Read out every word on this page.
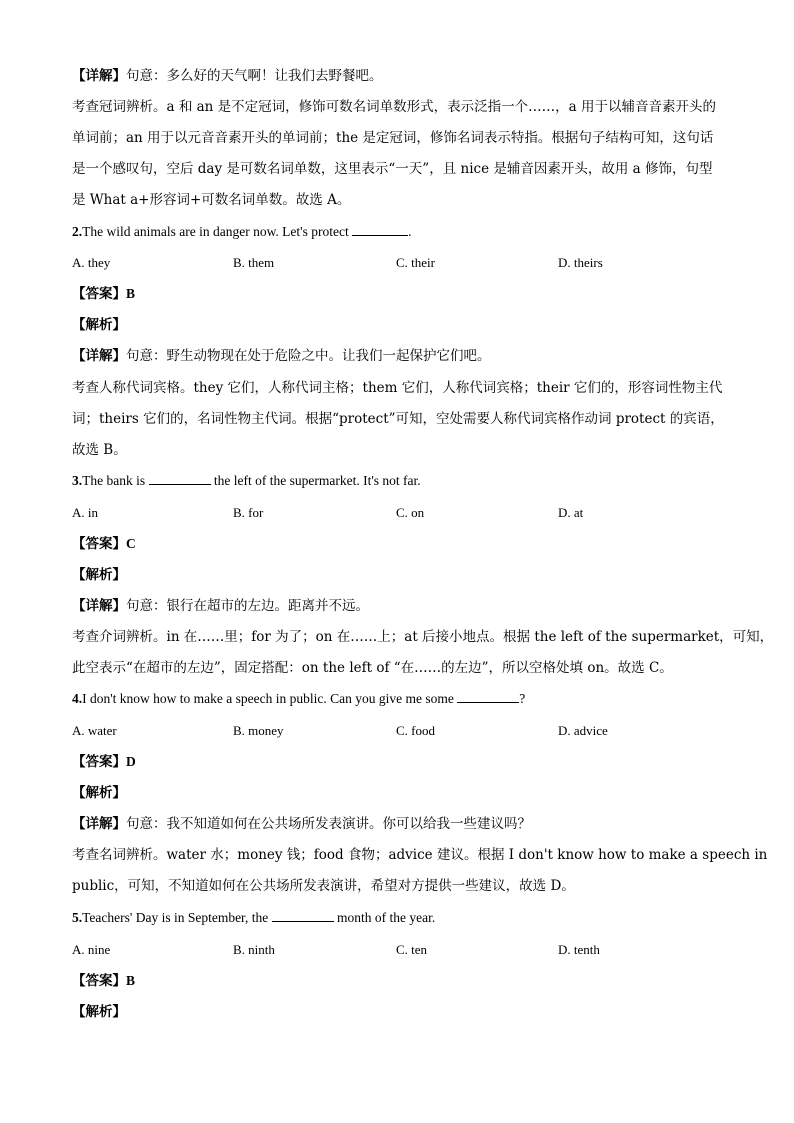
【详解】句意：多么好的天气啊！让我们去野餐吧。
考查冠词辨析。a 和 an 是不定冠词，修饰可数名词单数形式，表示泛指一个……，a 用于以辅音音素开头的
单词前；an 用于以元音音素开头的单词前；the 是定冠词，修饰名词表示特指。根据句子结构可知，这句话
是一个感叹句，空后 day 是可数名词单数，这里表示“一天”，且 nice 是辅音因素开头，故用 a 修饰，句型
是 What a+形容词+可数名词单数。故选 A。
2.The wild animals are in danger now. Let's protect	.
A. they	B. them	C. their	D. theirs
【答案】B
【解析】
【详解】句意：野生动物现在处于危险之中。让我们一起保护它们吧。
考查人称代词宾格。they 它们，人称代词主格；them 它们，人称代词宾格；their 它们的，形容词性物主代
词；theirs 它们的，名词性物主代词。根据“protect”可知，空处需要人称代词宾格作动词 protect 的宾语，
故选 B。
3.The bank is	the left of the supermarket. It's not far.
A. in	B. for	C. on	D. at
【答案】C
【解析】
【详解】句意：银行在超市的左边。距离并不远。
考查介词辨析。in 在……里；for 为了；on 在……上；at 后接小地点。根据 the left of the supermarket，可知，
此空表示“在超市的左边”，固定搭配：on the left of “在……的左边”，所以空格处填 on。故选 C。
4.I don't know how to make a speech in public. Can you give me some	?
A. water	B. money	C. food	D. advice
【答案】D
【解析】
【详解】句意：我不知道如何在公共场所发表演讲。你可以给我一些建议吗？
考查名词辨析。water 水；money 钱；food 食物；advice 建议。根据 I don't know how to make a speech in
public，可知，不知道如何在公共场所发表演讲，希望对方提供一些建议，故选 D。
5.Teachers' Day is in September, the	month of the year.
A. nine	B. ninth	C. ten	D. tenth
【答案】B
【解析】
